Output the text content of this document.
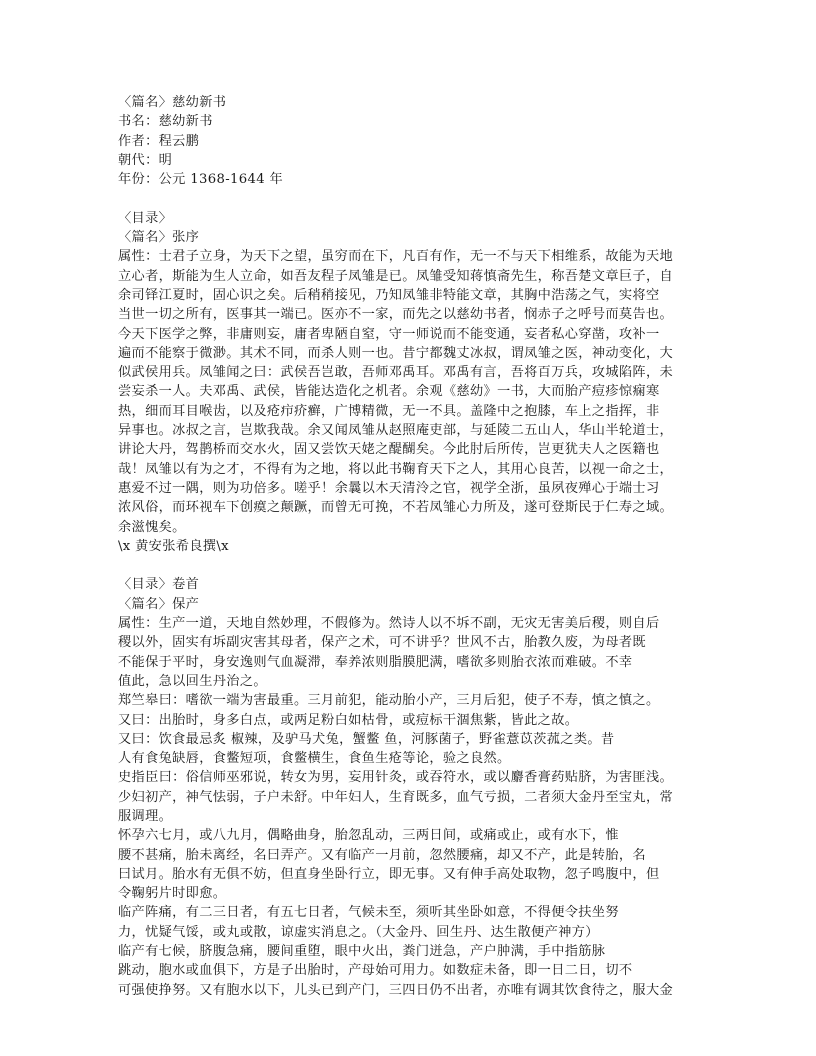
〈篇名〉慈幼新书
书名：慈幼新书
作者：程云鹏
朝代：明
年份：公元 1368-1644 年
〈目录〉
〈篇名〉张序
属性：士君子立身，为天下之望，虽穷而在下，凡百有作，无一不与天下相维系，故能为天地
立心者，斯能为生人立命，如吾友程子凤雏是已。凤雏受知蒋慎斋先生，称吾楚文章巨子，自
余司铎江夏时，固心识之矣。后稍稍接见，乃知凤雏非特能文章，其胸中浩荡之气，实将空
当世一切之所有，医事其一端已。医亦不一家，而先之以慈幼书者，悯赤子之呼号而莫告也。
今天下医学之弊，非庸则妄，庸者卑陋自窒，守一师说而不能变通，妄者私心穿凿，攻补一
遍而不能察于微渺。其术不同，而杀人则一也。昔宁都魏丈冰叔，谓凤雏之医，神动变化，大
似武侯用兵。凤雏闻之曰：武侯吾岂敢，吾师邓禹耳。邓禹有言，吾将百万兵，攻城陷阵，未
尝妄杀一人。夫邓禹、武侯，皆能达造化之机者。余观《慈幼》一书，大而胎产痘疹惊痫寒
热，细而耳目喉齿，以及疮疖疥癣，广博精微，无一不具。盖隆中之抱膝，车上之指挥，非
异事也。冰叔之言，岂欺我哉。余又闻凤雏从赵照庵吏部，与延陵二五山人，华山半轮道士，
讲论大丹，驾鹊桥而交水火，固又尝饮天姥之醍醐矣。今此肘后所传，岂更犹夫人之医籍也
哉！凤雏以有为之才，不得有为之地，将以此书鞠育天下之人，其用心良苦，以视一命之士，
惠爱不过一隅，则为功倍多。嗟乎！余曩以木天清泠之官，视学全浙，虽夙夜殚心于端士习
浓风俗，而环视车下创瘼之颠蹶，而曾无可挽，不若凤雏心力所及，遂可登斯民于仁寿之域。
余滋愧矣。
\x 黄安张希良撰\x
〈目录〉卷首
〈篇名〉保产
属性：生产一道，天地自然妙理，不假修为。然诗人以不坼不副，无灾无害美后稷，则自后
稷以外，固实有坼副灾害其母者，保产之术，可不讲乎？世风不古，胎教久废，为母者既
不能保于平时，身安逸则气血凝滞，奉养浓则脂膜肥满，嗜欲多则胎衣浓而难破。不幸
值此，急以回生丹治之。
郑竺皋曰：嗜欲一端为害最重。三月前犯，能动胎小产，三月后犯，使子不寿，慎之慎之。
又曰：出胎时，身多白点，或两足粉白如枯骨，或痘标干涸焦紫，皆此之故。
又曰：饮食最忌炙 椒辣，及驴马犬兔，蟹鳖 鱼，河豚菌子，野雀薏苡茨菰之类。昔
人有食兔缺唇，食鳖短项，食鳖横生，食鱼生疮等论，验之良然。
史指臣曰：俗信师巫邪说，转女为男，妄用针灸，或吞符水，或以麝香膏药贴脐，为害匪浅。
少妇初产，神气怯弱，子户未舒。中年妇人，生育既多，血气亏损，二者须大金丹至宝丸，常
服调理。
怀孕六七月，或八九月，偶略曲身，胎忽乱动，三两日间，或痛或止，或有水下，惟
腰不甚痛，胎未离经，名曰弄产。又有临产一月前，忽然腰痛，却又不产，此是转胎，名
曰试月。胎水有无俱不妨，但直身坐卧行立，即无事。又有伸手高处取物，忽子鸣腹中，但
令鞠躬片时即愈。
临产阵痛，有二三日者，有五七日者，气候未至，须听其坐卧如意，不得便令扶坐努
力，忧疑气馁，或丸或散，谅虚实消息之。（大金丹、回生丹、达生散便产神方）
临产有七候，脐腹急痛，腰间重堕，眼中火出，粪门迸急，产户肿满，手中指筋脉
跳动，胞水或血俱下，方是子出胎时，产母始可用力。如数症未备，即一日二日，切不
可强使挣努。又有胞水以下，儿头已到产门，三四日仍不出者，亦唯有调其饮食待之，服大金
